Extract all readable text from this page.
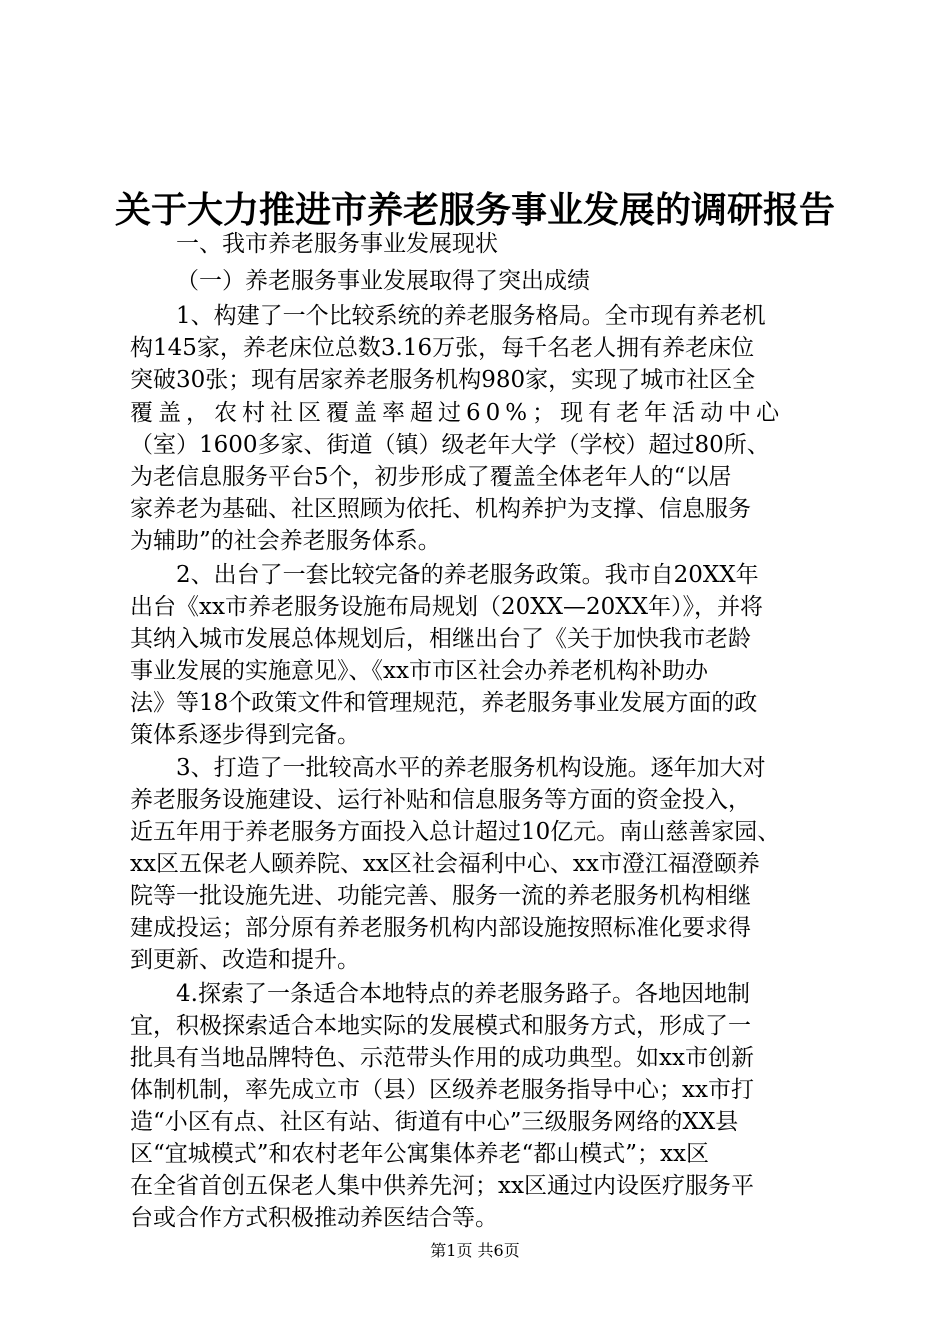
关于大力推进市养老服务事业发展的调研报告
一、我市养老服务事业发展现状
（一）养老服务事业发展取得了突出成绩
1、构建了一个比较系统的养老服务格局。全市现有养老机
构145家，养老床位总数3.16万张，每千名老人拥有养老床位
突破30张；现有居家养老服务机构980家，实现了城市社区全
覆盖，农村社区覆盖率超过60%；现有老年活动中心
（室）1600多家、街道（镇）级老年大学（学校）超过80所、
为老信息服务平台5个，初步形成了覆盖全体老年人的“以居
家养老为基础、社区照顾为依托、机构养护为支撑、信息服务
为辅助”的社会养老服务体系。
2、出台了一套比较完备的养老服务政策。我市自20XX年
出台《xx市养老服务设施布局规划（20XX—20XX年）》，并将
其纳入城市发展总体规划后，相继出台了《关于加快我市老龄
事业发展的实施意见》、《xx市市区社会办养老机构补助办
法》等18个政策文件和管理规范，养老服务事业发展方面的政
策体系逐步得到完备。
3、打造了一批较高水平的养老服务机构设施。逐年加大对
养老服务设施建设、运行补贴和信息服务等方面的资金投入，
近五年用于养老服务方面投入总计超过10亿元。南山慈善家园、
xx区五保老人颐养院、xx区社会福利中心、xx市澄江福澄颐养
院等一批设施先进、功能完善、服务一流的养老服务机构相继
建成投运；部分原有养老服务机构内部设施按照标准化要求得
到更新、改造和提升。
4.探索了一条适合本地特点的养老服务路子。各地因地制
宜，积极探索适合本地实际的发展模式和服务方式，形成了一
批具有当地品牌特色、示范带头作用的成功典型。如xx市创新
体制机制，率先成立市（县）区级养老服务指导中心；xx市打
造“小区有点、社区有站、街道有中心”三级服务网络的XX县
区“宜城模式”和农村老年公寓集体养老“都山模式”；xx区
在全省首创五保老人集中供养先河；xx区通过内设医疗服务平
台或合作方式积极推动养医结合等。
第1页 共6页
